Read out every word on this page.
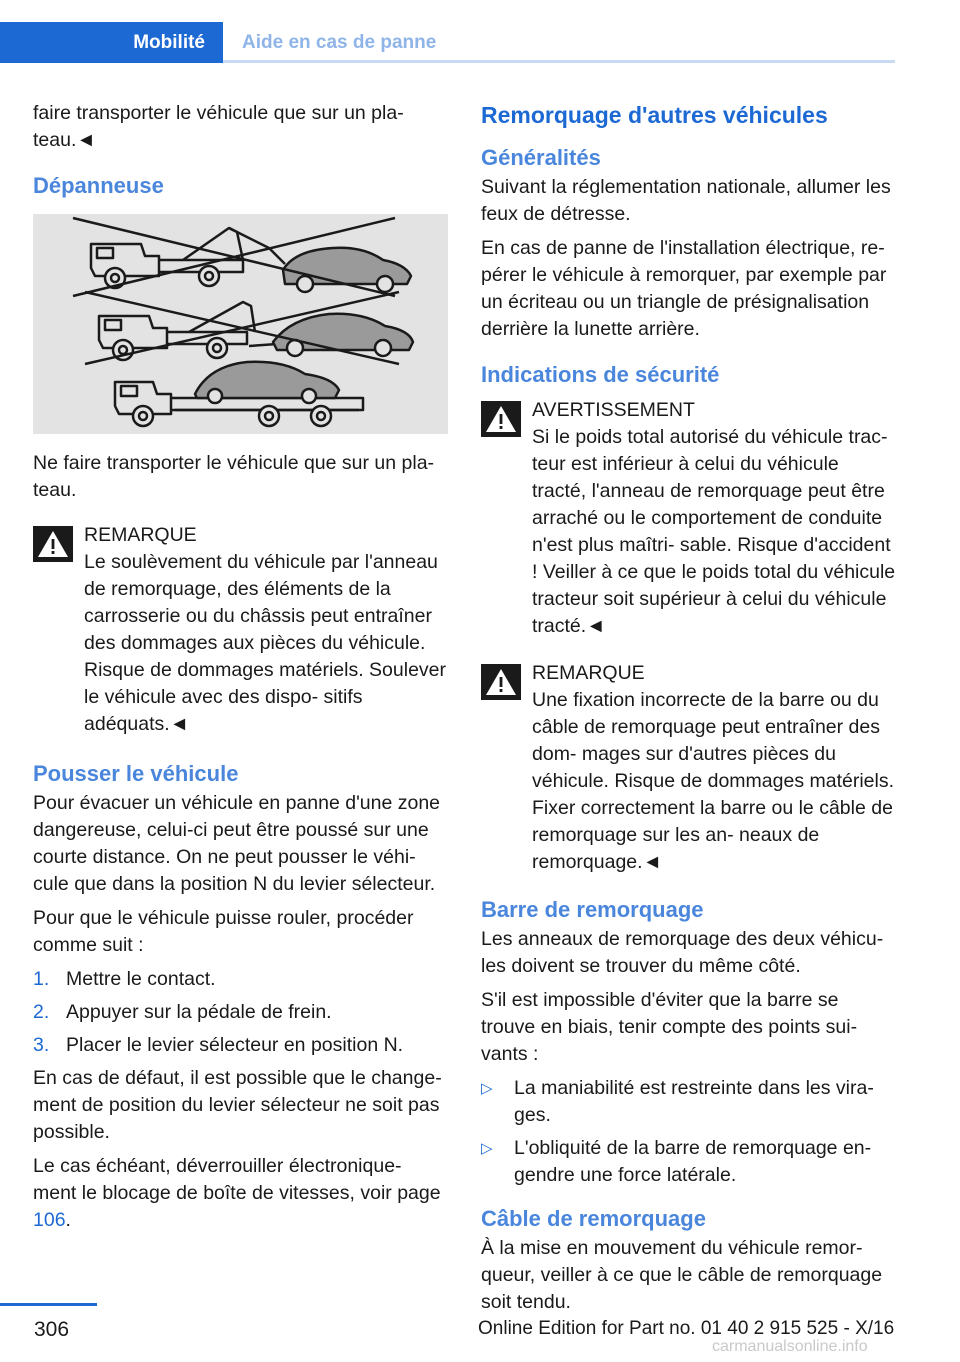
Mobilité	Aide en cas de panne

faire transporter le véhicule que sur un pla‐ teau.◄

Dépanneuse

Ne faire transporter le véhicule que sur un pla‐ teau.

REMARQUE
Le soulèvement du véhicule par l'anneau de remorquage, des éléments de la carrosserie ou du châssis peut entraîner des dommages aux pièces du véhicule. Risque de dommages matériels. Soulever le véhicule avec des dispo‐ sitifs adéquats.◄
Pousser le véhicule

Pour évacuer un véhicule en panne d'une zone dangereuse, celui-ci peut être poussé sur une courte distance. On ne peut pousser le véhi‐ cule que dans la position N du levier sélecteur.

Pour que le véhicule puisse rouler, procéder comme suit :

1. Mettre le contact.
2. Appuyer sur la pédale de frein.
3. Placer le levier sélecteur en position N.

En cas de défaut, il est possible que le change‐ ment de position du levier sélecteur ne soit pas possible.

Le cas échéant, déverrouiller électronique‐ ment le blocage de boîte de vitesses, voir page 106.

Remorquage d'autres véhicules
Généralités

Suivant la réglementation nationale, allumer les feux de détresse.

En cas de panne de l'installation électrique, re‐ pérer le véhicule à remorquer, par exemple par un écriteau ou un triangle de présignalisation derrière la lunette arrière.

Indications de sécurité
AVERTISSEMENT
Si le poids total autorisé du véhicule trac‐ teur est inférieur à celui du véhicule tracté, l'anneau de remorquage peut être arraché ou le comportement de conduite n'est plus maîtri‐ sable. Risque d'accident ! Veiller à ce que le poids total du véhicule tracteur soit supérieur à celui du véhicule tracté.◄
REMARQUE
Une fixation incorrecte de la barre ou du câble de remorquage peut entraîner des dom‐ mages sur d'autres pièces du véhicule. Risque de dommages matériels. Fixer correctement la barre ou le câble de remorquage sur les an‐ neaux de remorquage.◄
Barre de remorquage

Les anneaux de remorquage des deux véhicu‐ les doivent se trouver du même côté.

S'il est impossible d'éviter que la barre se trouve en biais, tenir compte des points sui‐ vants :

▷ La maniabilité est restreinte dans les vira‐ ges.
▷ L'obliquité de la barre de remorquage en‐ gendre une force latérale.
Câble de remorquage

À la mise en mouvement du véhicule remor‐ queur, veiller à ce que le câble de remorquage soit tendu.

306	Online Edition for Part no. 01 40 2 915 525 - X/16
carmanualsonline.info
